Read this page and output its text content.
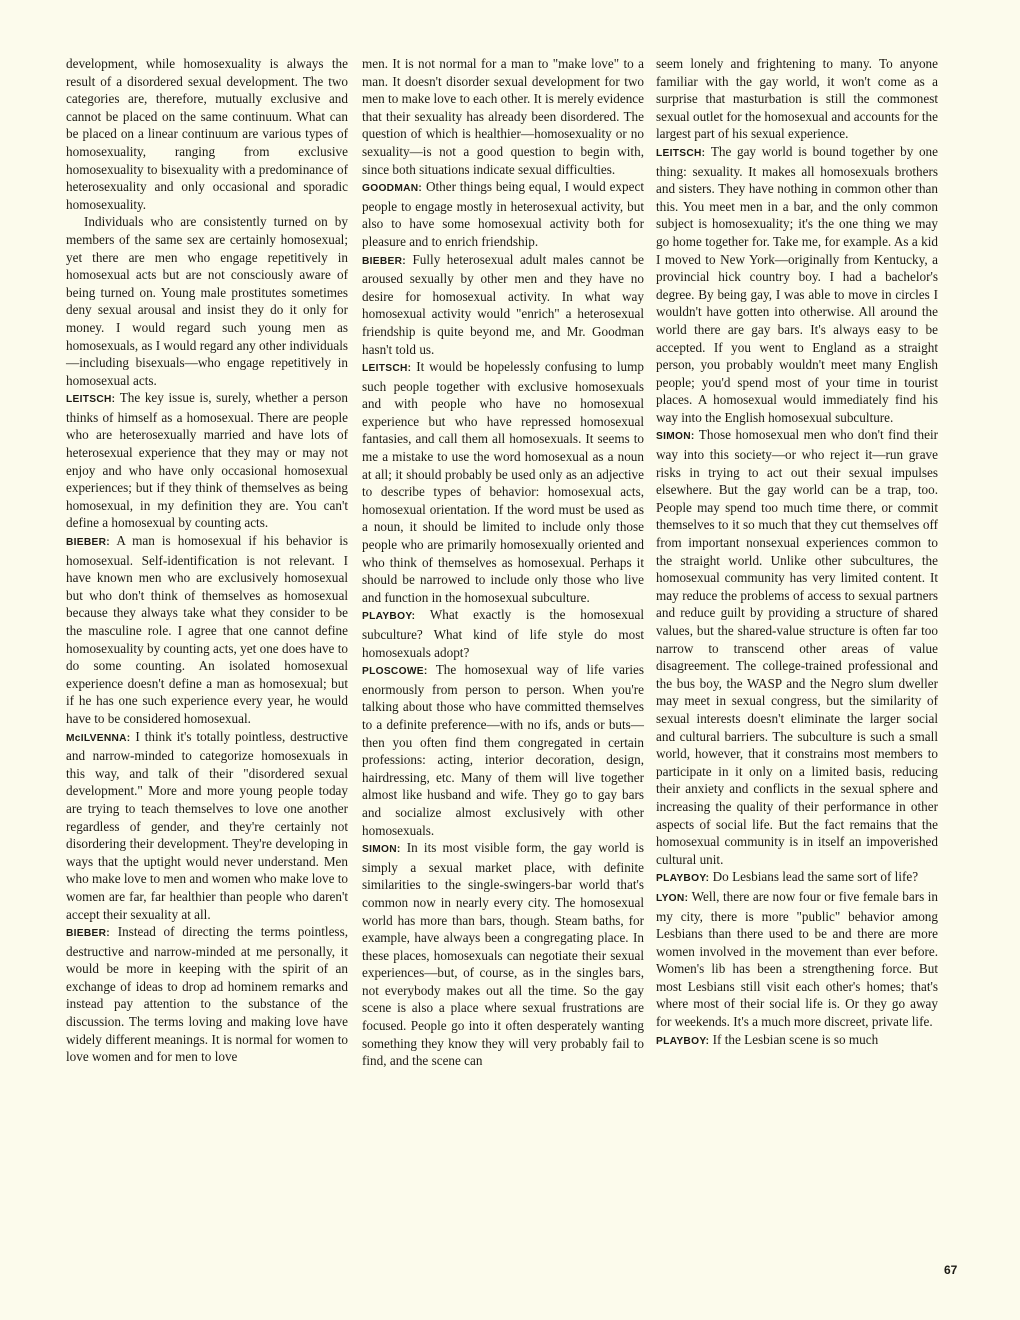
development, while homosexuality is always the result of a disordered sexual development. The two categories are, therefore, mutually exclusive and cannot be placed on the same continuum. What can be placed on a linear continuum are various types of homosexuality, ranging from exclusive homosexuality to bisexuality with a predominance of heterosexuality and only occasional and sporadic homosexuality.

Individuals who are consistently turned on by members of the same sex are certainly homosexual; yet there are men who engage repetitively in homosexual acts but are not consciously aware of being turned on. Young male prostitutes sometimes deny sexual arousal and insist they do it only for money. I would regard such young men as homosexuals, as I would regard any other individuals—including bisexuals—who engage repetitively in homosexual acts.

LEITSCH: The key issue is, surely, whether a person thinks of himself as a homosexual. There are people who are heterosexually married and have lots of heterosexual experience that they may or may not enjoy and who have only occasional homosexual experiences; but if they think of themselves as being homosexual, in my definition they are. You can't define a homosexual by counting acts.

BIEBER: A man is homosexual if his behavior is homosexual. Self-identification is not relevant. I have known men who are exclusively homosexual but who don't think of themselves as homosexual because they always take what they consider to be the masculine role. I agree that one cannot define homosexuality by counting acts, yet one does have to do some counting. An isolated homosexual experience doesn't define a man as homosexual; but if he has one such experience every year, he would have to be considered homosexual.

McILVENNA: I think it's totally pointless, destructive and narrow-minded to categorize homosexuals in this way, and talk of their "disordered sexual development." More and more young people today are trying to teach themselves to love one another regardless of gender, and they're certainly not disordering their development. They're developing in ways that the uptight would never understand. Men who make love to men and women who make love to women are far, far healthier than people who daren't accept their sexuality at all.

BIEBER: Instead of directing the terms pointless, destructive and narrow-minded at me personally, it would be more in keeping with the spirit of an exchange of ideas to drop ad hominem remarks and instead pay attention to the substance of the discussion. The terms loving and making love have widely different meanings. It is normal for women to love women and for men to love

men. It is not normal for a man to "make love" to a man. It doesn't disorder sexual development for two men to make love to each other. It is merely evidence that their sexuality has already been disordered. The question of which is healthier—homosexuality or no sexuality—is not a good question to begin with, since both situations indicate sexual difficulties.

GOODMAN: Other things being equal, I would expect people to engage mostly in heterosexual activity, but also to have some homosexual activity both for pleasure and to enrich friendship.

BIEBER: Fully heterosexual adult males cannot be aroused sexually by other men and they have no desire for homosexual activity. In what way homosexual activity would "enrich" a heterosexual friendship is quite beyond me, and Mr. Goodman hasn't told us.

LEITSCH: It would be hopelessly confusing to lump such people together with exclusive homosexuals and with people who have no homosexual experience but who have repressed homosexual fantasies, and call them all homosexuals. It seems to me a mistake to use the word homosexual as a noun at all; it should probably be used only as an adjective to describe types of behavior: homosexual acts, homosexual orientation. If the word must be used as a noun, it should be limited to include only those people who are primarily homosexually oriented and who think of themselves as homosexual. Perhaps it should be narrowed to include only those who live and function in the homosexual subculture.

PLAYBOY: What exactly is the homosexual subculture? What kind of life style do most homosexuals adopt?

PLOSCOWE: The homosexual way of life varies enormously from person to person. When you're talking about those who have committed themselves to a definite preference—with no ifs, ands or buts—then you often find them congregated in certain professions: acting, interior decoration, design, hairdressing, etc. Many of them will live together almost like husband and wife. They go to gay bars and socialize almost exclusively with other homosexuals.

SIMON: In its most visible form, the gay world is simply a sexual market place, with definite similarities to the single-swingers-bar world that's common now in nearly every city. The homosexual world has more than bars, though. Steam baths, for example, have always been a congregating place. In these places, homosexuals can negotiate their sexual experiences—but, of course, as in the singles bars, not everybody makes out all the time. So the gay scene is also a place where sexual frustrations are focused. People go into it often desperately wanting something they know they will very probably fail to find, and the scene can

seem lonely and frightening to many. To anyone familiar with the gay world, it won't come as a surprise that masturbation is still the commonest sexual outlet for the homosexual and accounts for the largest part of his sexual experience.

LEITSCH: The gay world is bound together by one thing: sexuality. It makes all homosexuals brothers and sisters. They have nothing in common other than this. You meet men in a bar, and the only common subject is homosexuality; it's the one thing we may go home together for. Take me, for example. As a kid I moved to New York—originally from Kentucky, a provincial hick country boy. I had a bachelor's degree. By being gay, I was able to move in circles I wouldn't have gotten into otherwise. All around the world there are gay bars. It's always easy to be accepted. If you went to England as a straight person, you probably wouldn't meet many English people; you'd spend most of your time in tourist places. A homosexual would immediately find his way into the English homosexual subculture.

SIMON: Those homosexual men who don't find their way into this society—or who reject it—run grave risks in trying to act out their sexual impulses elsewhere. But the gay world can be a trap, too. People may spend too much time there, or commit themselves to it so much that they cut themselves off from important nonsexual experiences common to the straight world. Unlike other subcultures, the homosexual community has very limited content. It may reduce the problems of access to sexual partners and reduce guilt by providing a structure of shared values, but the shared-value structure is often far too narrow to transcend other areas of value disagreement. The college-trained professional and the bus boy, the WASP and the Negro slum dweller may meet in sexual congress, but the similarity of sexual interests doesn't eliminate the larger social and cultural barriers. The subculture is such a small world, however, that it constrains most members to participate in it only on a limited basis, reducing their anxiety and conflicts in the sexual sphere and increasing the quality of their performance in other aspects of social life. But the fact remains that the homosexual community is in itself an impoverished cultural unit.

PLAYBOY: Do Lesbians lead the same sort of life?

LYON: Well, there are now four or five female bars in my city, there is more "public" behavior among Lesbians than there used to be and there are more women involved in the movement than ever before. Women's lib has been a strengthening force. But most Lesbians still visit each other's homes; that's where most of their social life is. Or they go away for weekends. It's a much more discreet, private life.

PLAYBOY: If the Lesbian scene is so much

67
